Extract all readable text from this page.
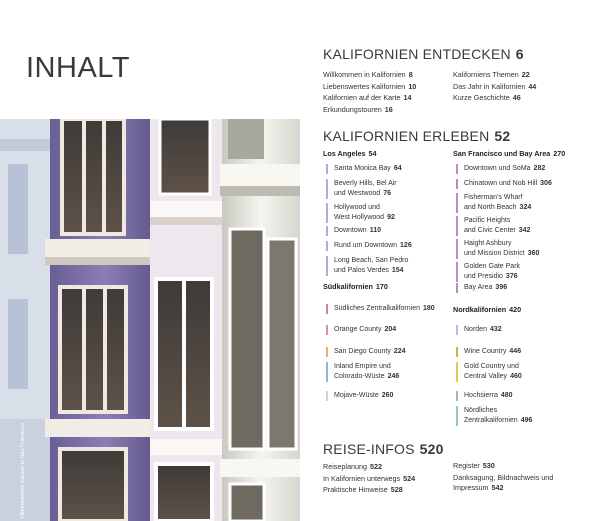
INHALT
Viktorianische Häuser in San Francisco
KALIFORNIEN ENTDECKEN 6
Willkommen in Kalifornien 8
Liebenswertes Kalifornien 10
Kalifornien auf der Karte 14
Erkundungstouren 16
Kaliforniens Themen 22
Das Jahr in Kalifornien 44
Kurze Geschichte 46
KALIFORNIEN ERLEBEN 52
Los Angeles 54	San Francisco und Bay Area 270
Santa Monica Bay 64
Beverly Hills, Bel Air
und Westwood 76
Hollywood und
West Hollywood 92
Downtown 110
Rund um Downtown 126
Long Beach, San Pedro
und Palos Verdes 154
Downtown und SoMa 282
Chinatown und Nob Hill 306
Fisherman's Wharf
and North Beach 324
Pacific Heights
and Civic Center 342
Haight Ashbury
und Mission District 360
Golden Gate Park
und Presidio 376
Bay Area 396
Südkalifornien 170
Nordkalifornien 420
Südliches Zentralkalifornien 180
Orange County 204
San Diego County 224
Inland Empire und
Colorado-Wüste 246
Mojave-Wüste 260
Norden 432
Wine Country 446
Gold Country und
Central Valley 460
Hochsierra 480
Nördliches
Zentralkalifornien 496
REISE-INFOS 520
Reiseplanung 522
In Kalifornien unterwegs 524
Praktische Hinweise 528
Register 530
Danksagung, Bildnachweis und
Impressum 542
